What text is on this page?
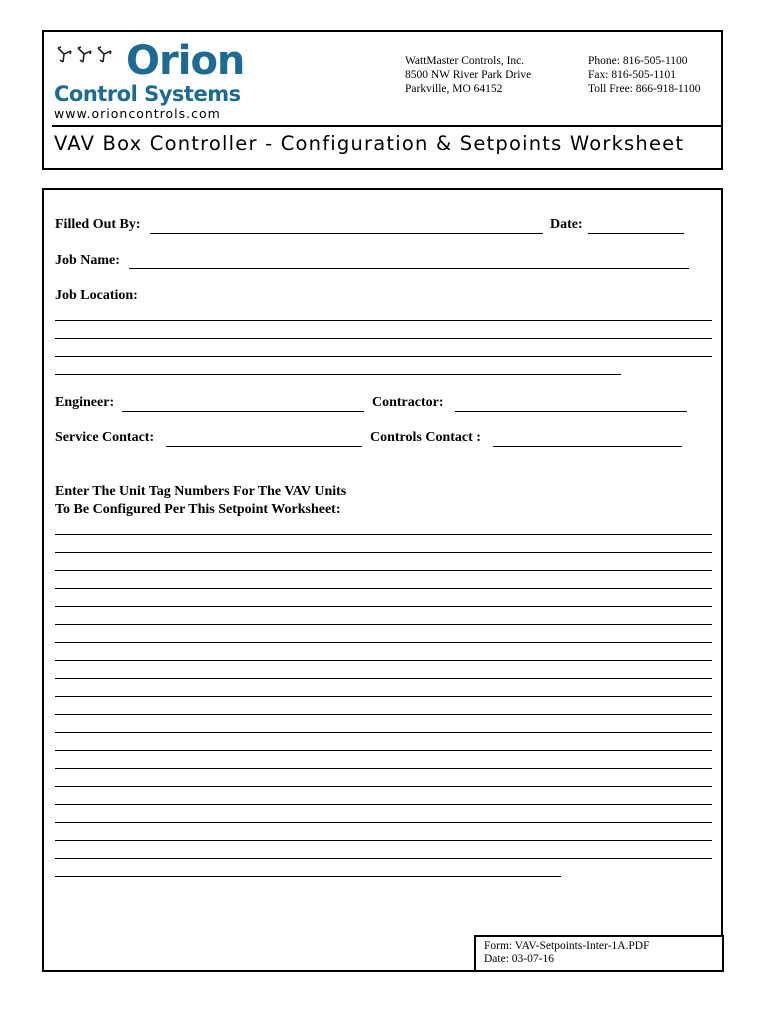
Orion
Control Systems
WattMaster Controls, Inc.
8500 NW River Park Drive
Parkville, MO 64152
Phone: 816-505-1100
Fax: 816-505-1101
Toll Free: 866-918-1100
www.orioncontrols.com
VAV Box Controller - Configuration & Setpoints Worksheet
Filled Out By:	Date:
Job Name:
Job Location:
Engineer:	Contractor:
Service Contact:	Controls Contact :
Enter The Unit Tag Numbers For The VAV Units
To Be Configured Per This Setpoint Worksheet:
Form: VAV-Setpoints-Inter-1A.PDF
Date: 03-07-16
